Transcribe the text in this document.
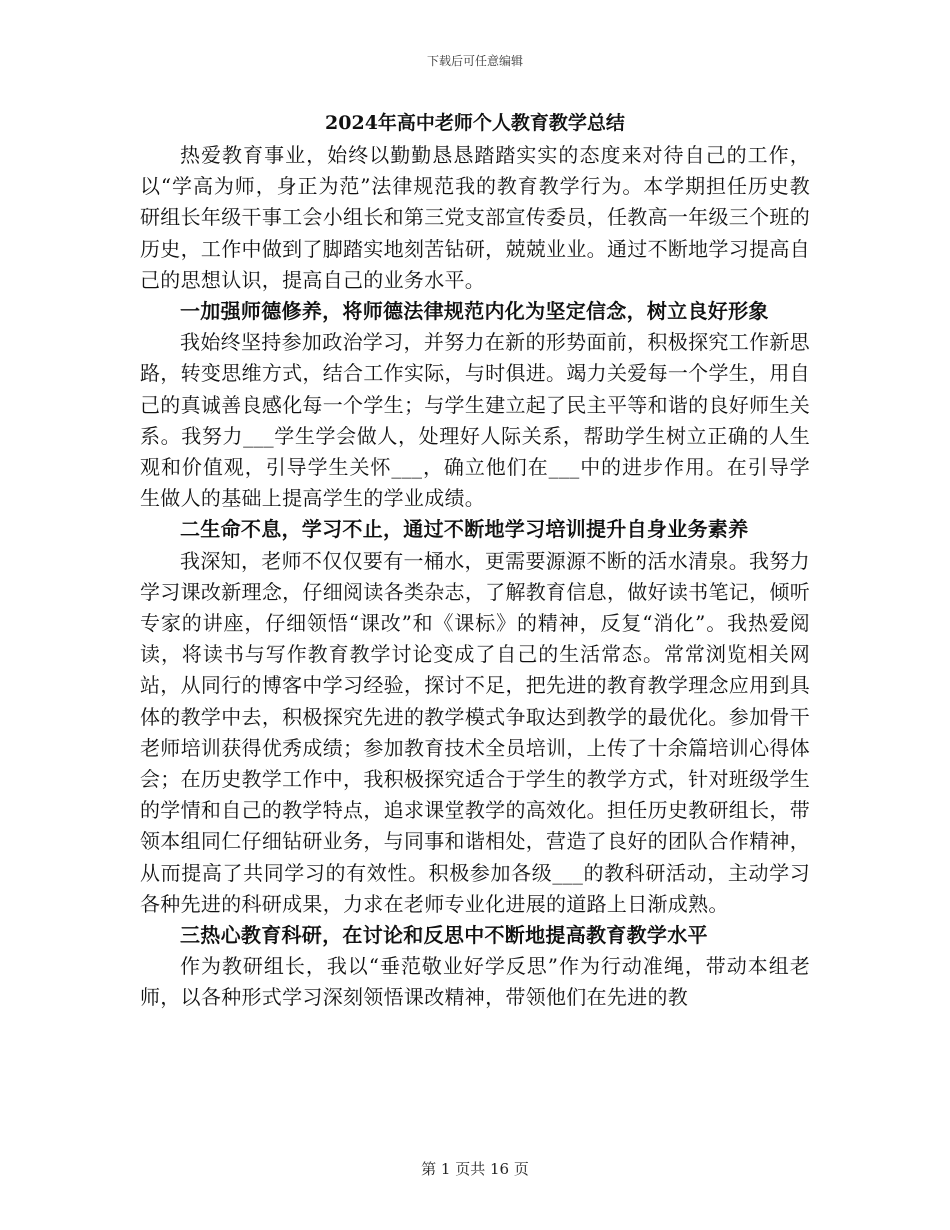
下载后可任意编辑
2024年高中老师个人教育教学总结

热爱教育事业，始终以勤勤恳恳踏踏实实的态度来对待自己的工作，以“学高为师，身正为范”法律规范我的教育教学行为。本学期担任历史教研组长年级干事工会小组长和第三党支部宣传委员，任教高一年级三个班的历史，工作中做到了脚踏实地刻苦钻研，兢兢业业。通过不断地学习提高自己的思想认识，提高自己的业务水平。

一加强师德修养，将师德法律规范内化为坚定信念，树立良好形象

我始终坚持参加政治学习，并努力在新的形势面前，积极探究工作新思路，转变思维方式，结合工作实际，与时俱进。竭力关爱每一个学生，用自己的真诚善良感化每一个学生；与学生建立起了民主平等和谐的良好师生关系。我努力___学生学会做人，处理好人际关系，帮助学生树立正确的人生观和价值观，引导学生关怀___，确立他们在___中的进步作用。在引导学生做人的基础上提高学生的学业成绩。

二生命不息，学习不止，通过不断地学习培训提升自身业务素养

我深知，老师不仅仅要有一桶水，更需要源源不断的活水清泉。我努力学习课改新理念，仔细阅读各类杂志，了解教育信息，做好读书笔记，倾听专家的讲座，仔细领悟“课改”和《课标》的精神，反复“消化”。我热爱阅读，将读书与写作教育教学讨论变成了自己的生活常态。常常浏览相关网站，从同行的博客中学习经验，探讨不足，把先进的教育教学理念应用到具体的教学中去，积极探究先进的教学模式争取达到教学的最优化。参加骨干老师培训获得优秀成绩；参加教育技术全员培训，上传了十余篇培训心得体会；在历史教学工作中，我积极探究适合于学生的教学方式，针对班级学生的学情和自己的教学特点，追求课堂教学的高效化。担任历史教研组长，带领本组同仁仔细钻研业务，与同事和谐相处，营造了良好的团队合作精神，从而提高了共同学习的有效性。积极参加各级___的教科研活动，主动学习各种先进的科研成果，力求在老师专业化进展的道路上日渐成熟。

三热心教育科研，在讨论和反思中不断地提高教育教学水平

作为教研组长，我以“垂范敬业好学反思”作为行动准绳，带动本组老师，以各种形式学习深刻领悟课改精神，带领他们在先进的教

第 1 页共 16 页
